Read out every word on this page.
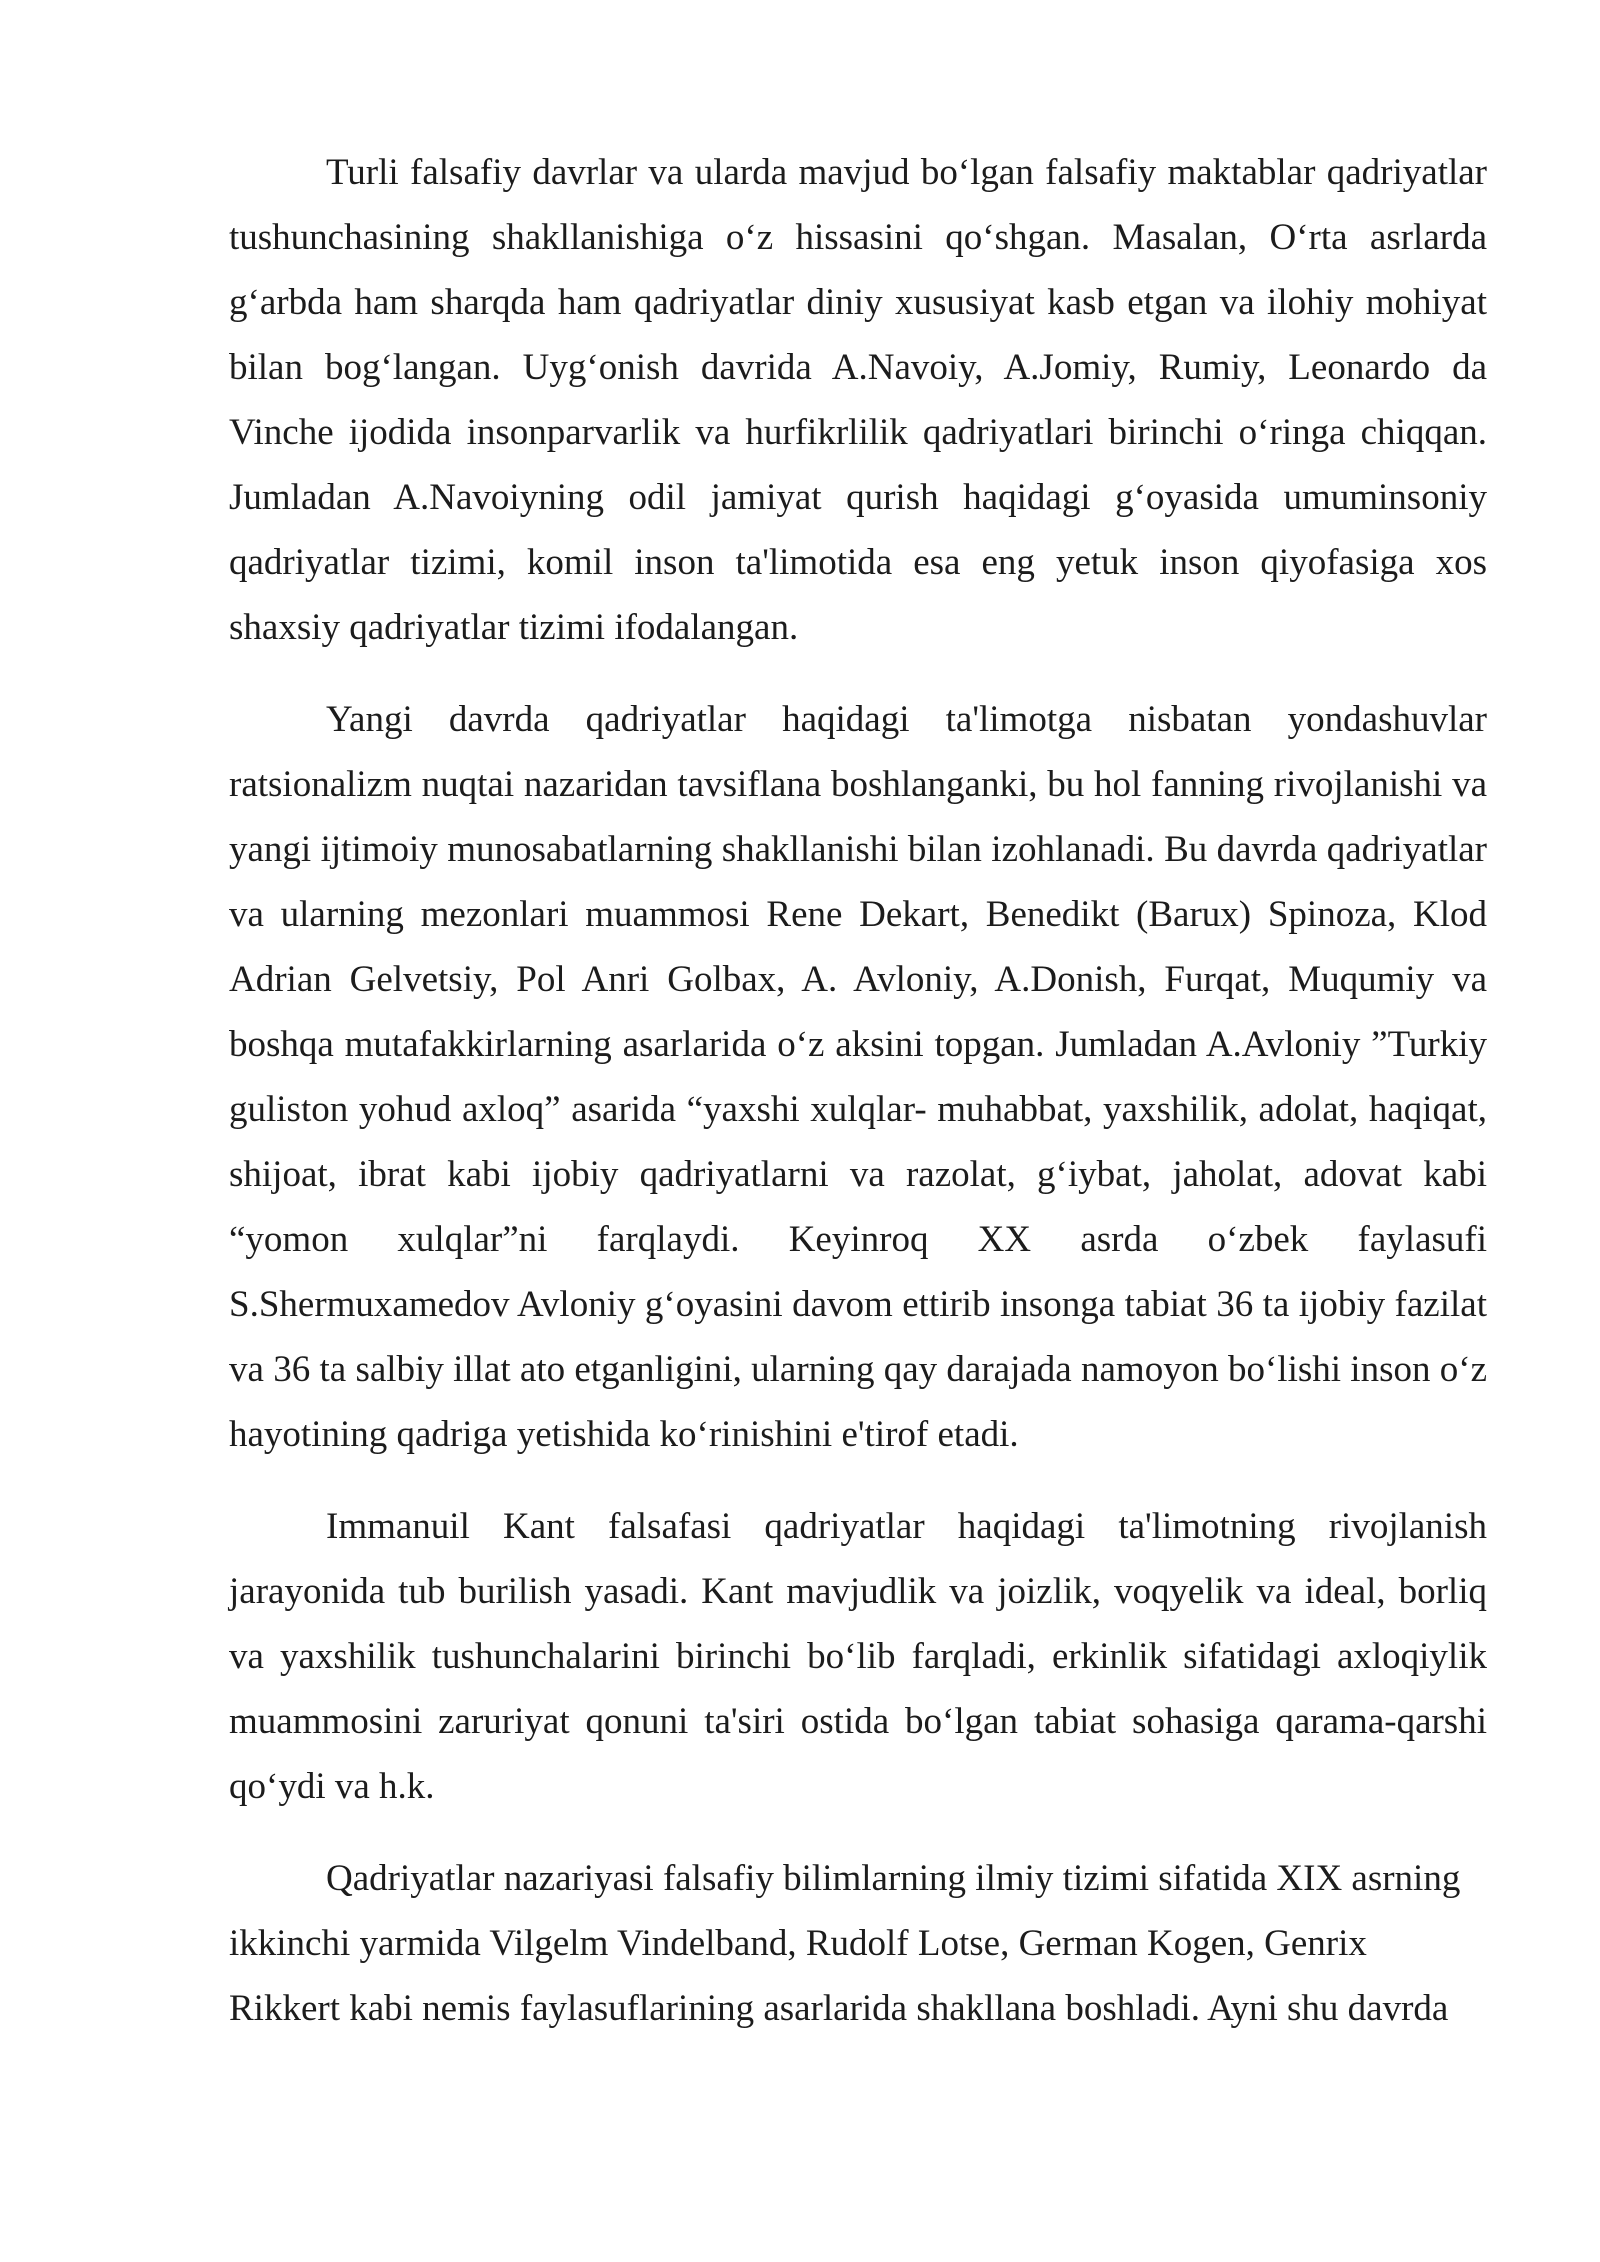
Turli falsafiy davrlar va ularda mavjud bo‘lgan falsafiy maktablar qadriyatlar tushunchasining shakllanishiga o‘z hissasini qo‘shgan. Masalan, O‘rta asrlarda g‘arbda ham sharqda ham qadriyatlar diniy xususiyat kasb etgan va ilohiy mohiyat bilan bog‘langan. Uyg‘onish davrida A.Navoiy, A.Jomiy, Rumiy, Leonardo da Vinche ijodida insonparvarlik va hurfikrlilik qadriyatlari birinchi o‘ringa chiqqan. Jumladan A.Navoiyning odil jamiyat qurish haqidagi g‘oyasida umuminsoniy qadriyatlar tizimi, komil inson ta'limotida esa eng yetuk inson qiyofasiga xos shaxsiy qadriyatlar tizimi ifodalangan.

Yangi davrda qadriyatlar haqidagi ta'limotga nisbatan yondashuvlar ratsionalizm nuqtai nazaridan tavsiflana boshlanganki, bu hol fanning rivojlanishi va yangi ijtimoiy munosabatlarning shakllanishi bilan izohlanadi. Bu davrda qadriyatlar va ularning mezonlari muammosi Rene Dekart, Benedikt (Barux) Spinoza, Klod Adrian Gelvetsiy, Pol Anri Golbax, A. Avloniy, A.Donish, Furqat, Muqumiy va boshqa mutafakkirlarning asarlarida o‘z aksini topgan. Jumladan A.Avloniy ”Turkiy guliston yohud axloq” asarida “yaxshi xulqlar- muhabbat, yaxshilik, adolat, haqiqat, shijoat, ibrat kabi ijobiy qadriyatlarni va razolat, g‘iybat, jaholat, adovat kabi “yomon xulqlar”ni farqlaydi. Keyinroq XX asrda o‘zbek faylasufi S.Shermuxamedov Avloniy g‘oyasini davom ettirib insonga tabiat 36 ta ijobiy fazilat va 36 ta salbiy illat ato etganligini, ularning qay darajada namoyon bo‘lishi inson o‘z hayotining qadriga yetishida ko‘rinishini e'tirof etadi.

Immanuil Kant falsafasi qadriyatlar haqidagi ta'limotning rivojlanish jarayonida tub burilish yasadi. Kant mavjudlik va joizlik, voqyelik va ideal, borliq va yaxshilik tushunchalarini birinchi bo‘lib farqladi, erkinlik sifatidagi axloqiylik muammosini zaruriyat qonuni ta'siri ostida bo‘lgan tabiat sohasiga qarama-qarshi qo‘ydi va h.k.

Qadriyatlar nazariyasi falsafiy bilimlarning ilmiy tizimi sifatida XIX asrning ikkinchi yarmida Vilgelm Vindelband, Rudolf Lotse, German Kogen, Genrix Rikkert kabi nemis faylasuflarining asarlarida shakllana boshladi. Ayni shu davrda
